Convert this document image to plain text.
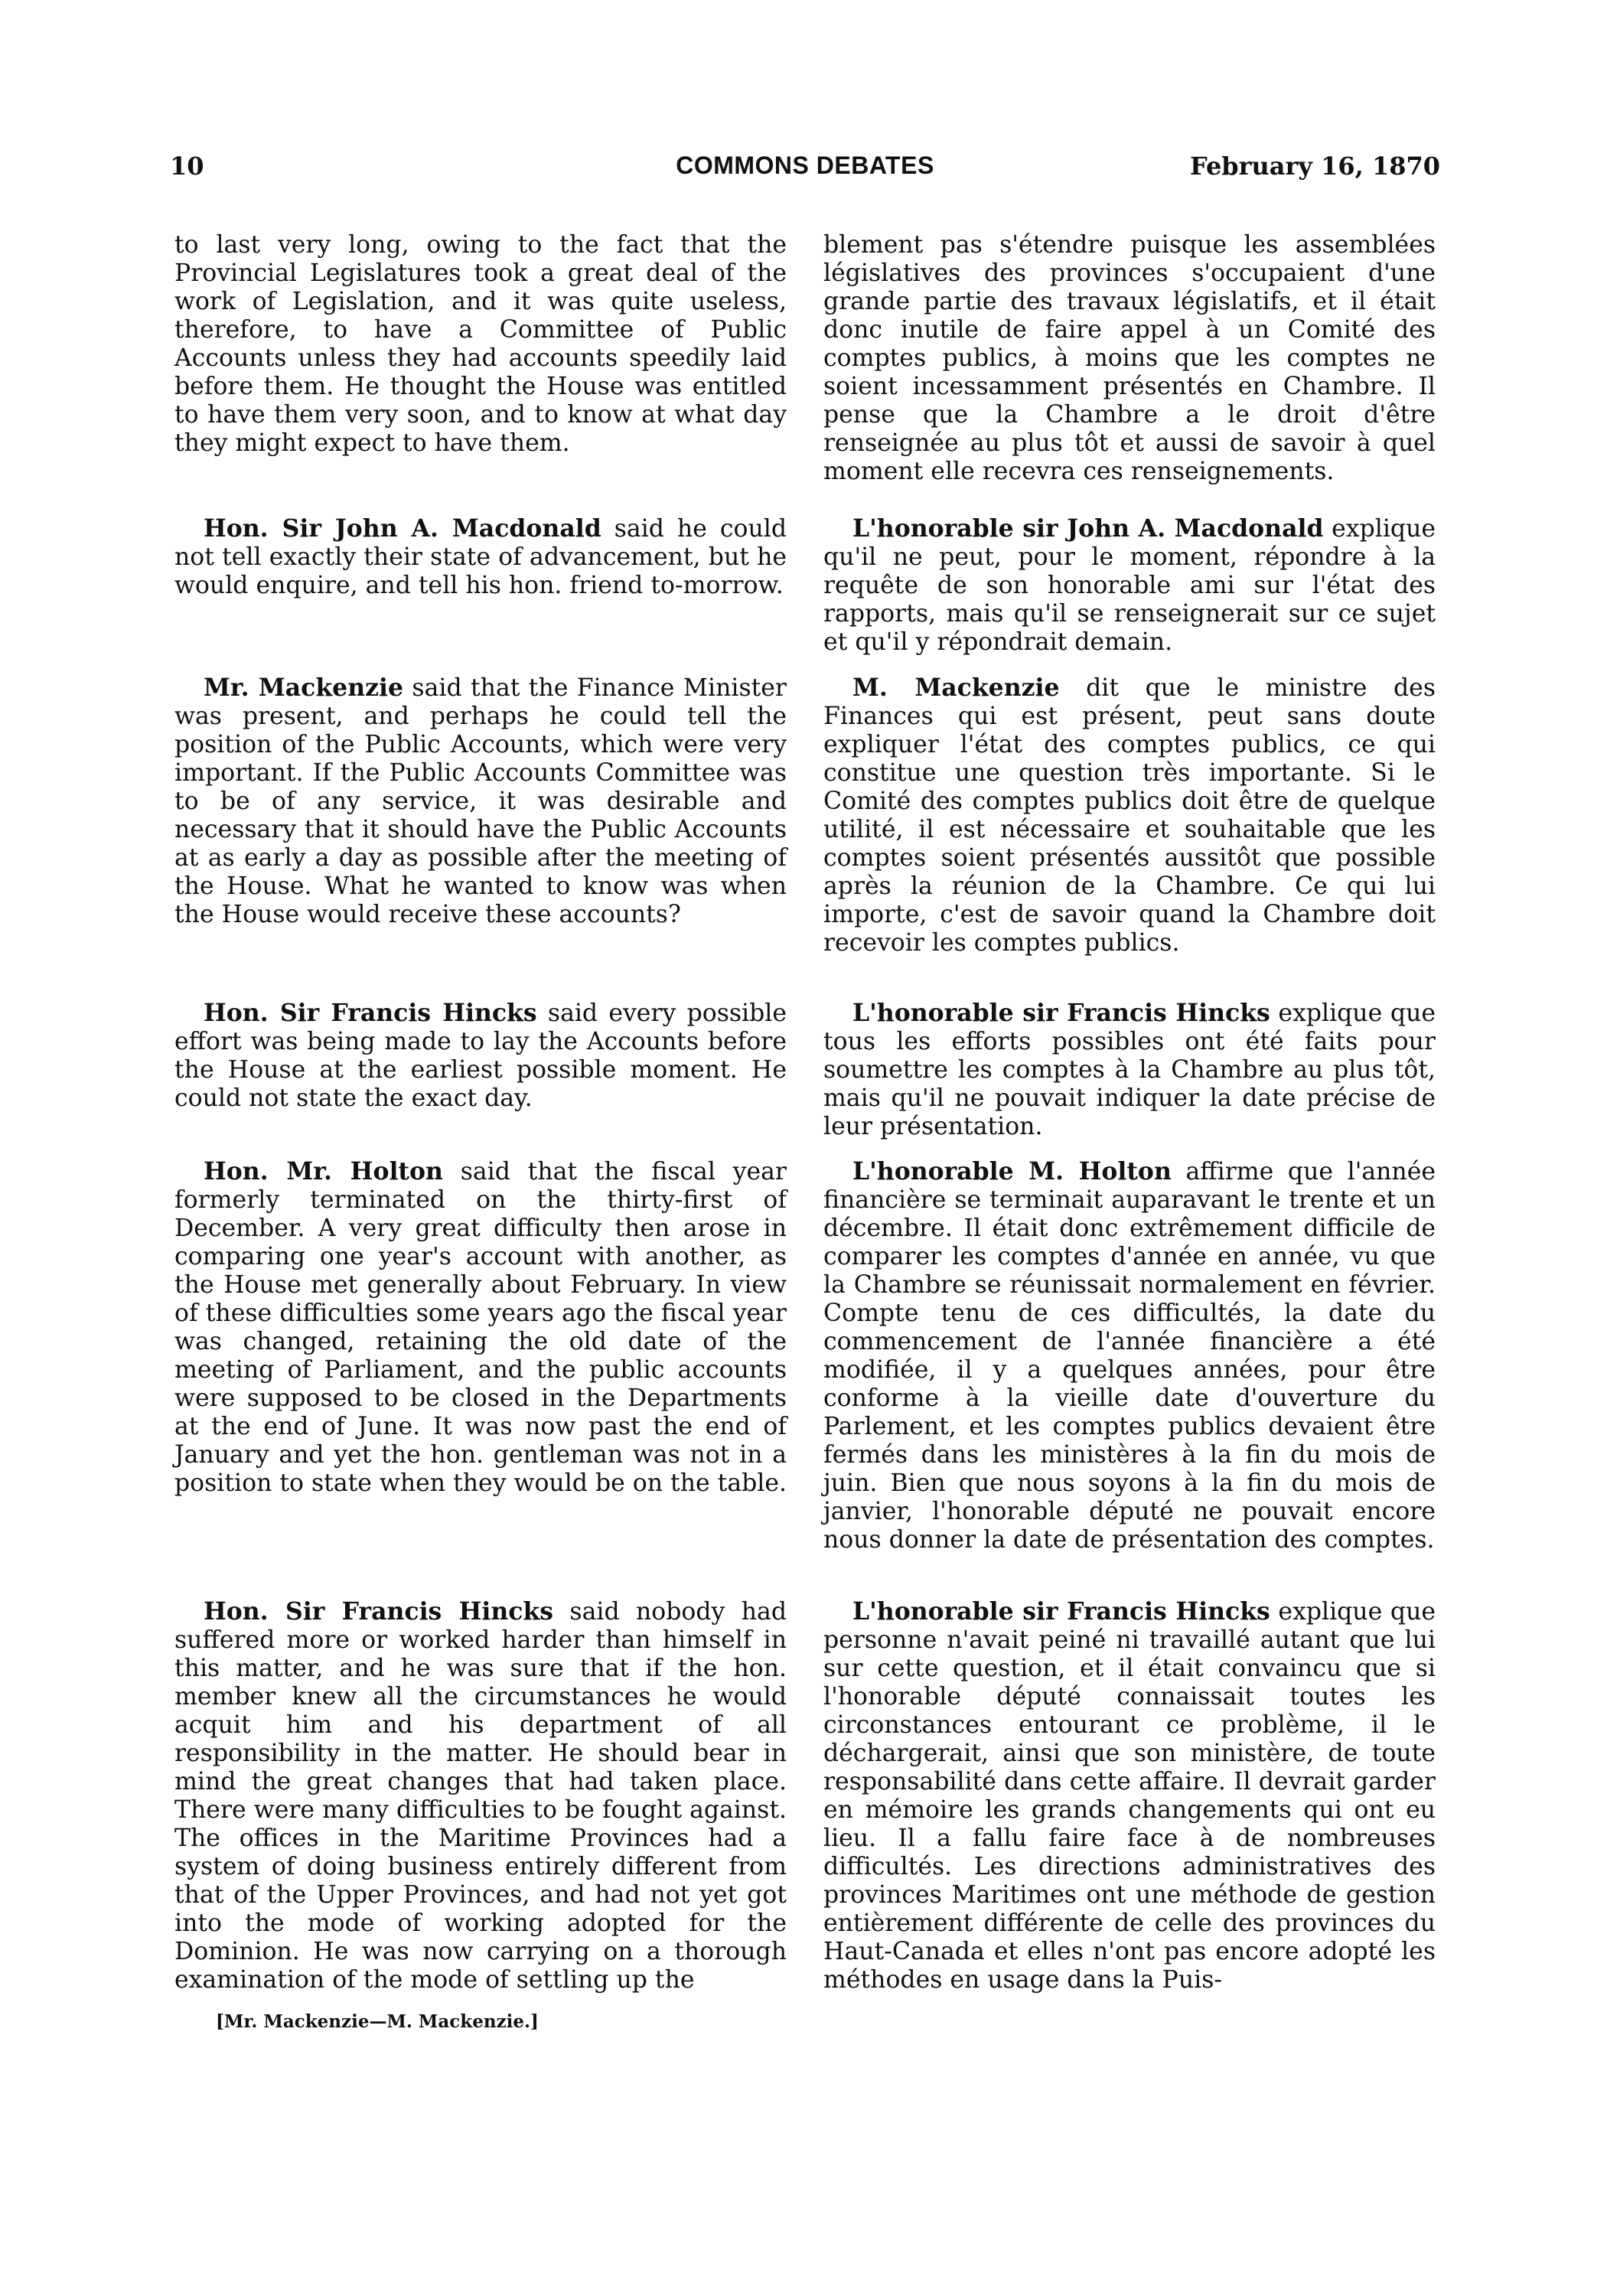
10	COMMONS DEBATES	February 16, 1870

to last very long, owing to the fact that the Provincial Legislatures took a great deal of the work of Legislation, and it was quite useless, therefore, to have a Committee of Public Accounts unless they had accounts speedily laid before them. He thought the House was entitled to have them very soon, and to know at what day they might expect to have them.

Hon. Sir John A. Macdonald said he could not tell exactly their state of advancement, but he would enquire, and tell his hon. friend to-morrow.

Mr. Mackenzie said that the Finance Minister was present, and perhaps he could tell the position of the Public Accounts, which were very important. If the Public Accounts Committee was to be of any service, it was desirable and necessary that it should have the Public Accounts at as early a day as possible after the meeting of the House. What he wanted to know was when the House would receive these accounts?

Hon. Sir Francis Hincks said every possible effort was being made to lay the Accounts before the House at the earliest possible moment. He could not state the exact day.

Hon. Mr. Holton said that the fiscal year formerly terminated on the thirty-first of December. A very great difficulty then arose in comparing one year's account with another, as the House met generally about February. In view of these difficulties some years ago the fiscal year was changed, retaining the old date of the meeting of Parliament, and the public accounts were supposed to be closed in the Departments at the end of June. It was now past the end of January and yet the hon. gentleman was not in a position to state when they would be on the table.

Hon. Sir Francis Hincks said nobody had suffered more or worked harder than himself in this matter, and he was sure that if the hon. member knew all the circumstances he would acquit him and his department of all responsibility in the matter. He should bear in mind the great changes that had taken place. There were many difficulties to be fought against. The offices in the Maritime Provinces had a system of doing business entirely different from that of the Upper Provinces, and had not yet got into the mode of working adopted for the Dominion. He was now carrying on a thorough examination of the mode of settling up the

blement pas s'étendre puisque les assemblées législatives des provinces s'occupaient d'une grande partie des travaux législatifs, et il était donc inutile de faire appel à un Comité des comptes publics, à moins que les comptes ne soient incessamment présentés en Chambre. Il pense que la Chambre a le droit d'être renseignée au plus tôt et aussi de savoir à quel moment elle recevra ces renseignements.

L'honorable sir John A. Macdonald explique qu'il ne peut, pour le moment, répondre à la requête de son honorable ami sur l'état des rapports, mais qu'il se renseignerait sur ce sujet et qu'il y répondrait demain.

M. Mackenzie dit que le ministre des Finances qui est présent, peut sans doute expliquer l'état des comptes publics, ce qui constitue une question très importante. Si le Comité des comptes publics doit être de quelque utilité, il est nécessaire et souhaitable que les comptes soient présentés aussitôt que possible après la réunion de la Chambre. Ce qui lui importe, c'est de savoir quand la Chambre doit recevoir les comptes publics.

L'honorable sir Francis Hincks explique que tous les efforts possibles ont été faits pour soumettre les comptes à la Chambre au plus tôt, mais qu'il ne pouvait indiquer la date précise de leur présentation.

L'honorable M. Holton affirme que l'année financière se terminait auparavant le trente et un décembre. Il était donc extrêmement difficile de comparer les comptes d'année en année, vu que la Chambre se réunissait normalement en février. Compte tenu de ces difficultés, la date du commencement de l'année financière a été modifiée, il y a quelques années, pour être conforme à la vieille date d'ouverture du Parlement, et les comptes publics devaient être fermés dans les ministères à la fin du mois de juin. Bien que nous soyons à la fin du mois de janvier, l'honorable député ne pouvait encore nous donner la date de présentation des comptes.

L'honorable sir Francis Hincks explique que personne n'avait peiné ni travaillé autant que lui sur cette question, et il était convaincu que si l'honorable député connaissait toutes les circonstances entourant ce problème, il le déchargerait, ainsi que son ministère, de toute responsabilité dans cette affaire. Il devrait garder en mémoire les grands changements qui ont eu lieu. Il a fallu faire face à de nombreuses difficultés. Les directions administratives des provinces Maritimes ont une méthode de gestion entièrement différente de celle des provinces du Haut-Canada et elles n'ont pas encore adopté les méthodes en usage dans la Puis-

[Mr. Mackenzie—M. Mackenzie.]
